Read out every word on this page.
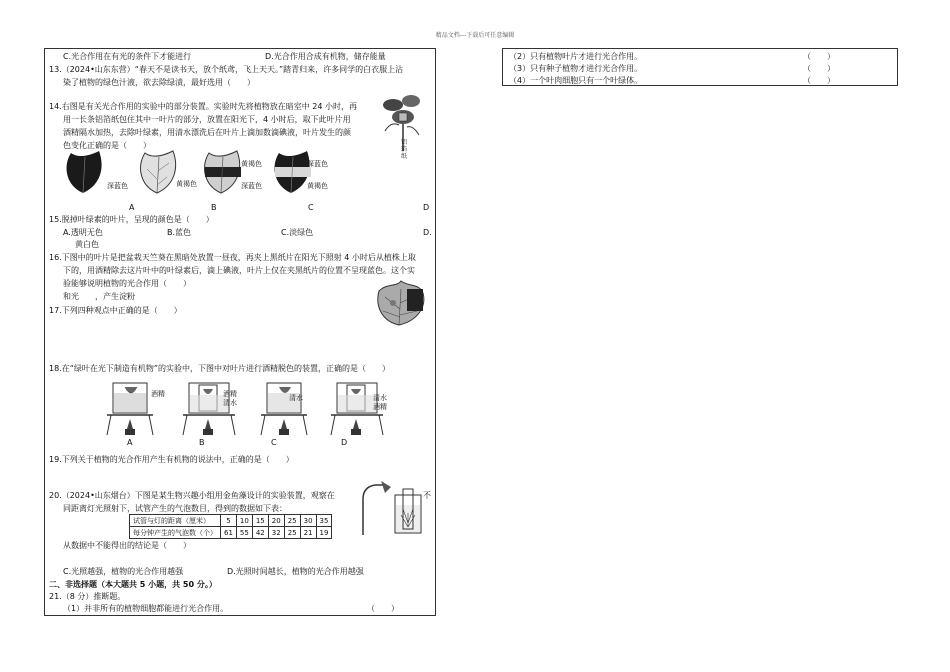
精品文档---下载后可任意编辑
C.光合作用在有光的条件下才能进行	D.光合作用合成有机物，储存能量
13.（2024•山东东营）“春天不是读书天，放个纸鸢，飞上天天。”踏青归来，许多同学的白衣服上沾
染了植物的绿色汁液，欲去除绿渍，最好选用（　　）
14.右图是有关光合作用的实验中的部分装置。实验时先将植物放在暗室中 24 小时，再
用一长条铝箔纸包住其中一叶片的部分，放置在阳光下，4 小时后，取下此叶片用
酒精隔水加热，去除叶绿素，用清水漂洗后在叶片上滴加数滴碘液，叶片发生的颜
色变化正确的是（　　）	铝箔纸
深蓝色	黄褐色
黄褐色
深蓝色
深蓝色
黄褐色
A	B	C	D
15.脱掉叶绿素的叶片，呈现的颜色是（　　）
A.透明无色	B.蓝色	C.淡绿色	D.
黄白色
16.下图中的叶片是把盆栽天竺葵在黑暗处放置一昼夜，再夹上黑纸片在阳光下照射 4 小时后从植株上取
下的，用酒精除去这片叶中的叶绿素后，滴上碘液，叶片上仅在夹黑纸片的位置不呈现蓝色。这个实
验能够说明植物的光合作用（　　）
和光　　，产生淀粉
17.下列四种观点中正确的是（　　）
18.在“绿叶在光下制造有机物”的实验中，下图中对叶片进行酒精脱色的装置，正确的是（　　）
酒精	酒精
清水
清水	清水
酒精
A	B	C	D
19.下列关于植物的光合作用产生有机物的说法中，正确的是（　　）
20.（2024•山东烟台）下图是某生物兴趣小组用金鱼藻设计的实验装置，观察在	不
同距离灯光照射下，试管产生的气泡数目，得到的数据如下表：
试管与灯的距离（厘米）	5	10	15	20	25	30	35
每分钟产生的气泡数（个）	61	55	42	32	25	21	19
从数据中不能得出的结论是（　　）
C.光照越强，植物的光合作用越强	D.光照时间越长，植物的光合作用越强
二、非选择题（本大题共 5 小题，共 50 分。）
21.（8 分）推断题。
（1）并非所有的植物细胞都能进行光合作用。	（　　）
（2）只有植物叶片才进行光合作用。	（　　）
（3）只有种子植物才进行光合作用。	（　　）
（4）一个叶肉细胞只有一个叶绿体。	（　　）
